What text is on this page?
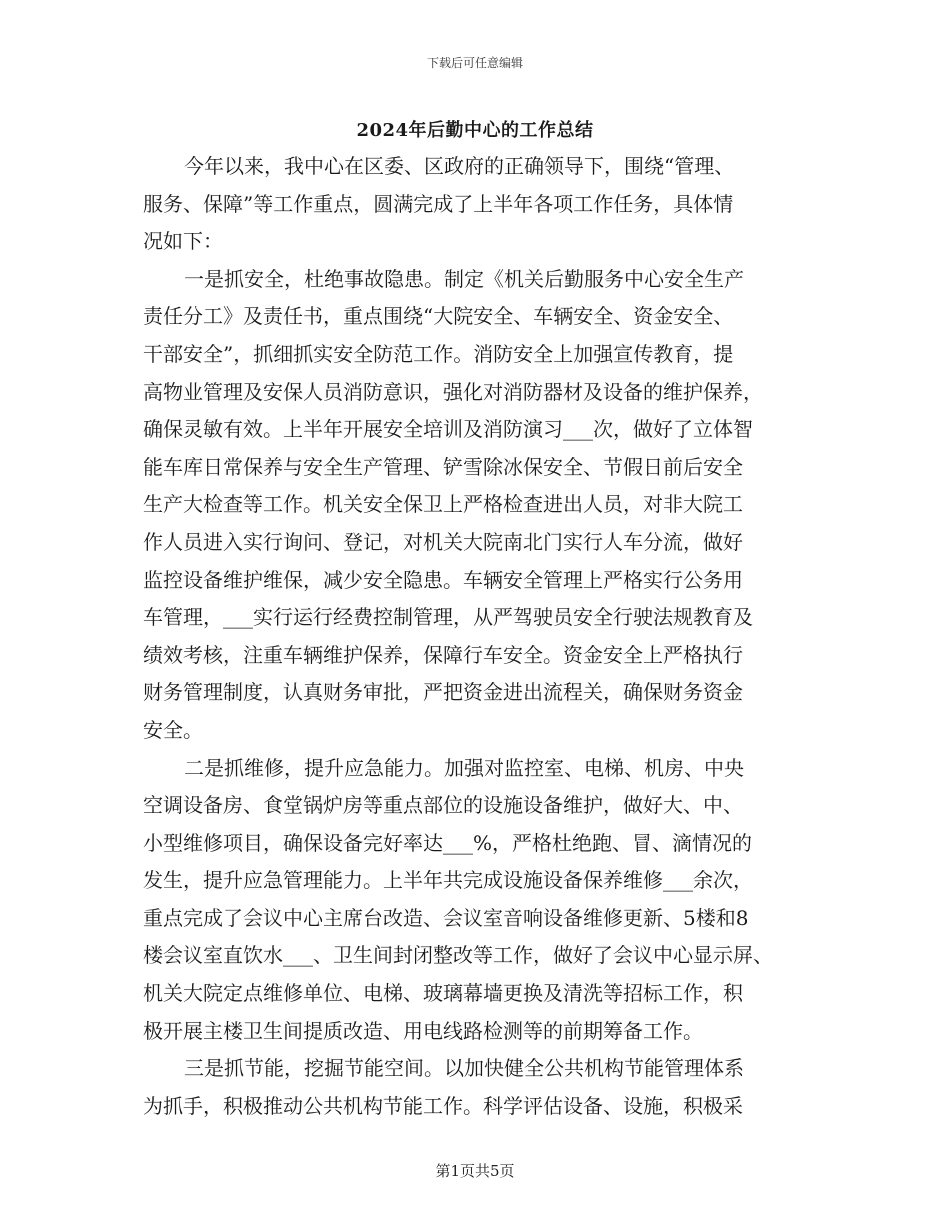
下载后可任意编辑
2024年后勤中心的工作总结
今年以来，我中心在区委、区政府的正确领导下，围绕“管理、
服务、保障”等工作重点，圆满完成了上半年各项工作任务，具体情
况如下：
一是抓安全，杜绝事故隐患。制定《机关后勤服务中心安全生产
责任分工》及责任书，重点围绕“大院安全、车辆安全、资金安全、
干部安全”，抓细抓实安全防范工作。消防安全上加强宣传教育，提
高物业管理及安保人员消防意识，强化对消防器材及设备的维护保养，
确保灵敏有效。上半年开展安全培训及消防演习___次，做好了立体智
能车库日常保养与安全生产管理、铲雪除冰保安全、节假日前后安全
生产大检查等工作。机关安全保卫上严格检查进出人员，对非大院工
作人员进入实行询问、登记，对机关大院南北门实行人车分流，做好
监控设备维护维保，减少安全隐患。车辆安全管理上严格实行公务用
车管理，___实行运行经费控制管理，从严驾驶员安全行驶法规教育及
绩效考核，注重车辆维护保养，保障行车安全。资金安全上严格执行
财务管理制度，认真财务审批，严把资金进出流程关，确保财务资金
安全。
二是抓维修，提升应急能力。加强对监控室、电梯、机房、中央
空调设备房、食堂锅炉房等重点部位的设施设备维护，做好大、中、
小型维修项目，确保设备完好率达___%，严格杜绝跑、冒、滴情况的
发生，提升应急管理能力。上半年共完成设施设备保养维修___余次，
重点完成了会议中心主席台改造、会议室音响设备维修更新、5楼和8
楼会议室直饮水___、卫生间封闭整改等工作，做好了会议中心显示屏、
机关大院定点维修单位、电梯、玻璃幕墙更换及清洗等招标工作，积
极开展主楼卫生间提质改造、用电线路检测等的前期筹备工作。
三是抓节能，挖掘节能空间。以加快健全公共机构节能管理体系
为抓手，积极推动公共机构节能工作。科学评估设备、设施，积极采
第1页共5页
